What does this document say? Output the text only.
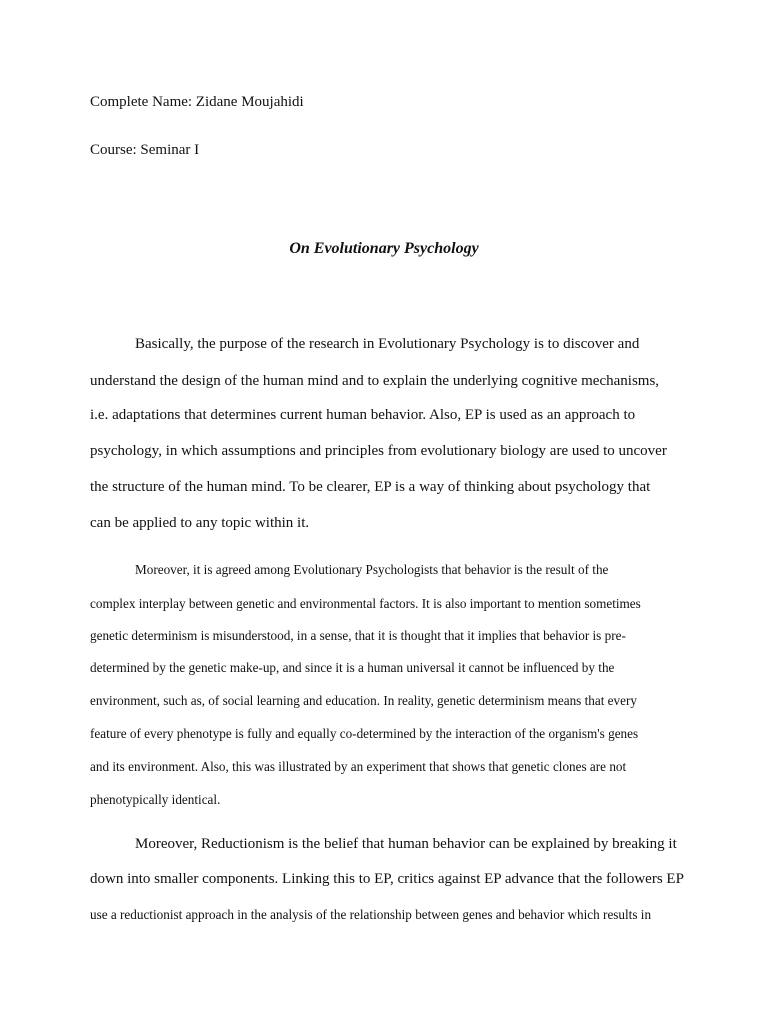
Complete Name: Zidane Moujahidi

Course: Seminar I

On Evolutionary Psychology

Basically, the purpose of the research in Evolutionary Psychology is to discover and

understand the design of the human mind and to explain the underlying cognitive mechanisms,

i.e. adaptations that determines current human behavior. Also, EP is used as an approach to

psychology, in which assumptions and principles from evolutionary biology are used to uncover

the structure of the human mind. To be clearer, EP is a way of thinking about psychology that

can be applied to any topic within it.

Moreover, it is agreed among Evolutionary Psychologists that behavior is the result of the

complex interplay between genetic and environmental factors. It is also important to mention sometimes

genetic determinism is misunderstood, in a sense, that it is thought that it implies that behavior is pre-

determined by the genetic make-up, and since it is a human universal it cannot be influenced by the

environment, such as, of social learning and education. In reality, genetic determinism means that every

feature of every phenotype is fully and equally co-determined by the interaction of the organism's genes

and its environment. Also, this was illustrated by an experiment that shows that genetic clones are not

phenotypically identical.

Moreover, Reductionism is the belief that human behavior can be explained by breaking it

down into smaller components. Linking this to EP, critics against EP advance that the followers EP

use a reductionist approach in the analysis of the relationship between genes and behavior which results in
